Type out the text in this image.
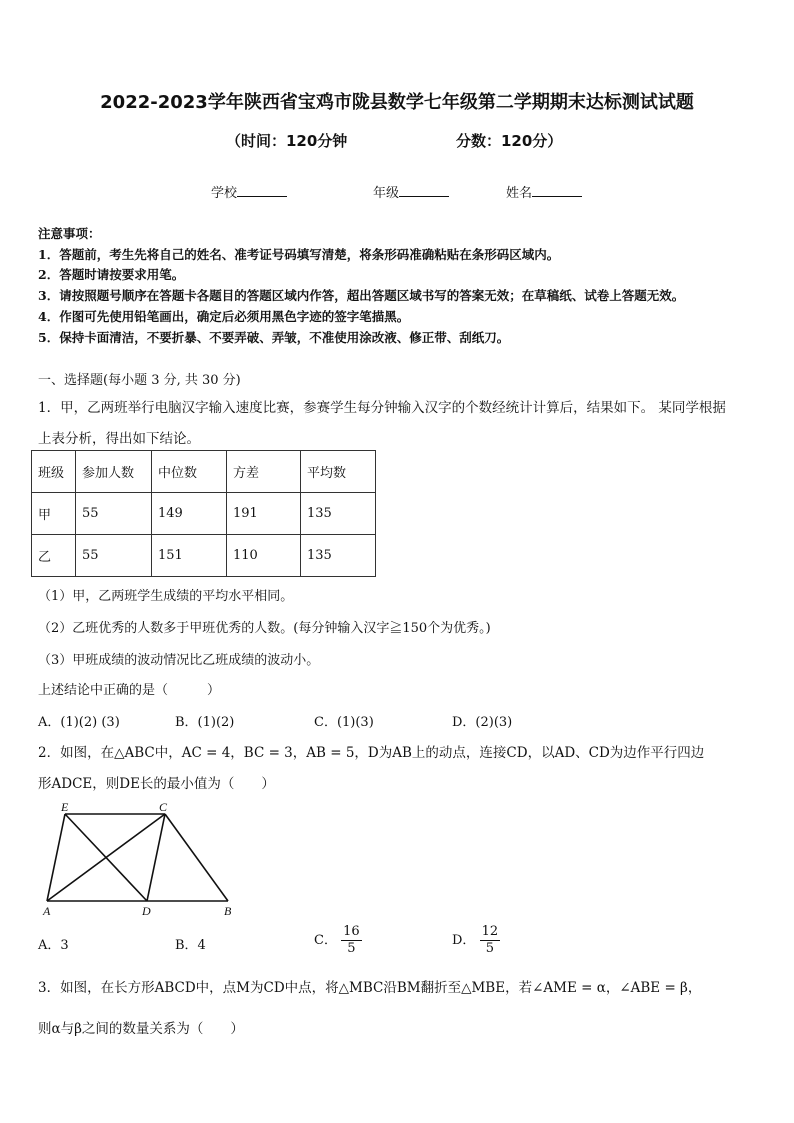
2022-2023学年陕西省宝鸡市陇县数学七年级第二学期期末达标测试试题
（时间：120分钟	分数：120分）
学校	年级	姓名
注意事项：
1．答题前，考生先将自己的姓名、准考证号码填写清楚，将条形码准确粘贴在条形码区域内。
2．答题时请按要求用笔。
3．请按照题号顺序在答题卡各题目的答题区域内作答，超出答题区域书写的答案无效；在草稿纸、试卷上答题无效。
4．作图可先使用铅笔画出，确定后必须用黑色字迹的签字笔描黑。
5．保持卡面清洁，不要折暴、不要弄破、弄皱，不准使用涂改液、修正带、刮纸刀。
一、选择题(每小题 3 分, 共 30 分)
1．甲，乙两班举行电脑汉字输入速度比赛，参赛学生每分钟输入汉字的个数经统计计算后，结果如下。 某同学根据
上表分析，得出如下结论。
班级	参加人数	中位数	方差	平均数
甲	55	149	191	135
乙	55	151	110	135
（1）甲，乙两班学生成绩的平均水平相同。
（2）乙班优秀的人数多于甲班优秀的人数。(每分钟输入汉字≧150个为优秀。)
（3）甲班成绩的波动情况比乙班成绩的波动小。
上述结论中正确的是（　　　）
A．(1)(2) (3)	B．(1)(2)	C．(1)(3)	D．(2)(3)
2．如图，在△ABC中，AC = 4，BC = 3，AB = 5，D为AB上的动点，连接CD，以AD、CD为边作平行四边
形ADCE，则DE长的最小值为（　　）
E	C
A	D	B
A．3	B．4	C． $\frac{16}{5}$	D． $\frac{12}{5}$
3．如图，在长方形ABCD中，点M为CD中点，将△MBC沿BM翻折至△MBE，若∠AME = α，∠ABE = β，
则α与β之间的数量关系为（　　）
